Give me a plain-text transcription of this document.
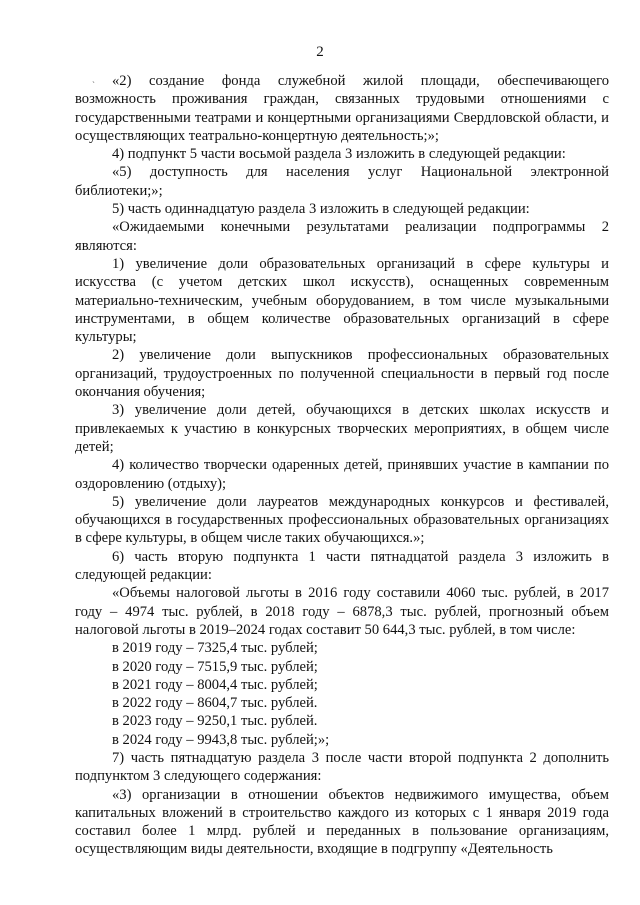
2
`	«2) создание фонда служебной жилой площади, обеспечивающего возможность проживания граждан, связанных трудовыми отношениями с государственными театрами и концертными организациями Свердловской области, и осуществляющих театрально-концертную деятельность;»;

4) подпункт 5 части восьмой раздела 3 изложить в следующей редакции:

«5) доступность для населения услуг Национальной электронной библиотеки;»;

5) часть одиннадцатую раздела 3 изложить в следующей редакции:

«Ожидаемыми конечными результатами реализации подпрограммы 2 являются:

1) увеличение доли образовательных организаций в сфере культуры и искусства (с учетом детских школ искусств), оснащенных современным материально-техническим, учебным оборудованием, в том числе музыкальными инструментами, в общем количестве образовательных организаций в сфере культуры;

2) увеличение доли выпускников профессиональных образовательных организаций, трудоустроенных по полученной специальности в первый год после окончания обучения;

3) увеличение доли детей, обучающихся в детских школах искусств и привлекаемых к участию в конкурсных творческих мероприятиях, в общем числе детей;

4) количество творчески одаренных детей, принявших участие в кампании по оздоровлению (отдыху);

5) увеличение доли лауреатов международных конкурсов и фестивалей, обучающихся в государственных профессиональных образовательных организациях в сфере культуры, в общем числе таких обучающихся.»;

6) часть вторую подпункта 1 части пятнадцатой раздела 3 изложить в следующей редакции:

«Объемы налоговой льготы в 2016 году составили 4060 тыс. рублей, в 2017 году – 4974 тыс. рублей, в 2018 году – 6878,3 тыс. рублей, прогнозный объем налоговой льготы в 2019–2024 годах составит 50 644,3 тыс. рублей, в том числе:

в 2019 году – 7325,4 тыс. рублей;

в 2020 году – 7515,9 тыс. рублей;

в 2021 году – 8004,4 тыс. рублей;

в 2022 году – 8604,7 тыс. рублей.

в 2023 году – 9250,1 тыс. рублей.

в 2024 году – 9943,8 тыс. рублей;»;

7) часть пятнадцатую раздела 3 после части второй подпункта 2 дополнить подпунктом 3 следующего содержания:

«3) организации в отношении объектов недвижимого имущества, объем капитальных вложений в строительство каждого из которых с 1 января 2019 года составил более 1 млрд. рублей и переданных в пользование организациям, осуществляющим виды деятельности, входящие в подгруппу «Деятельность
